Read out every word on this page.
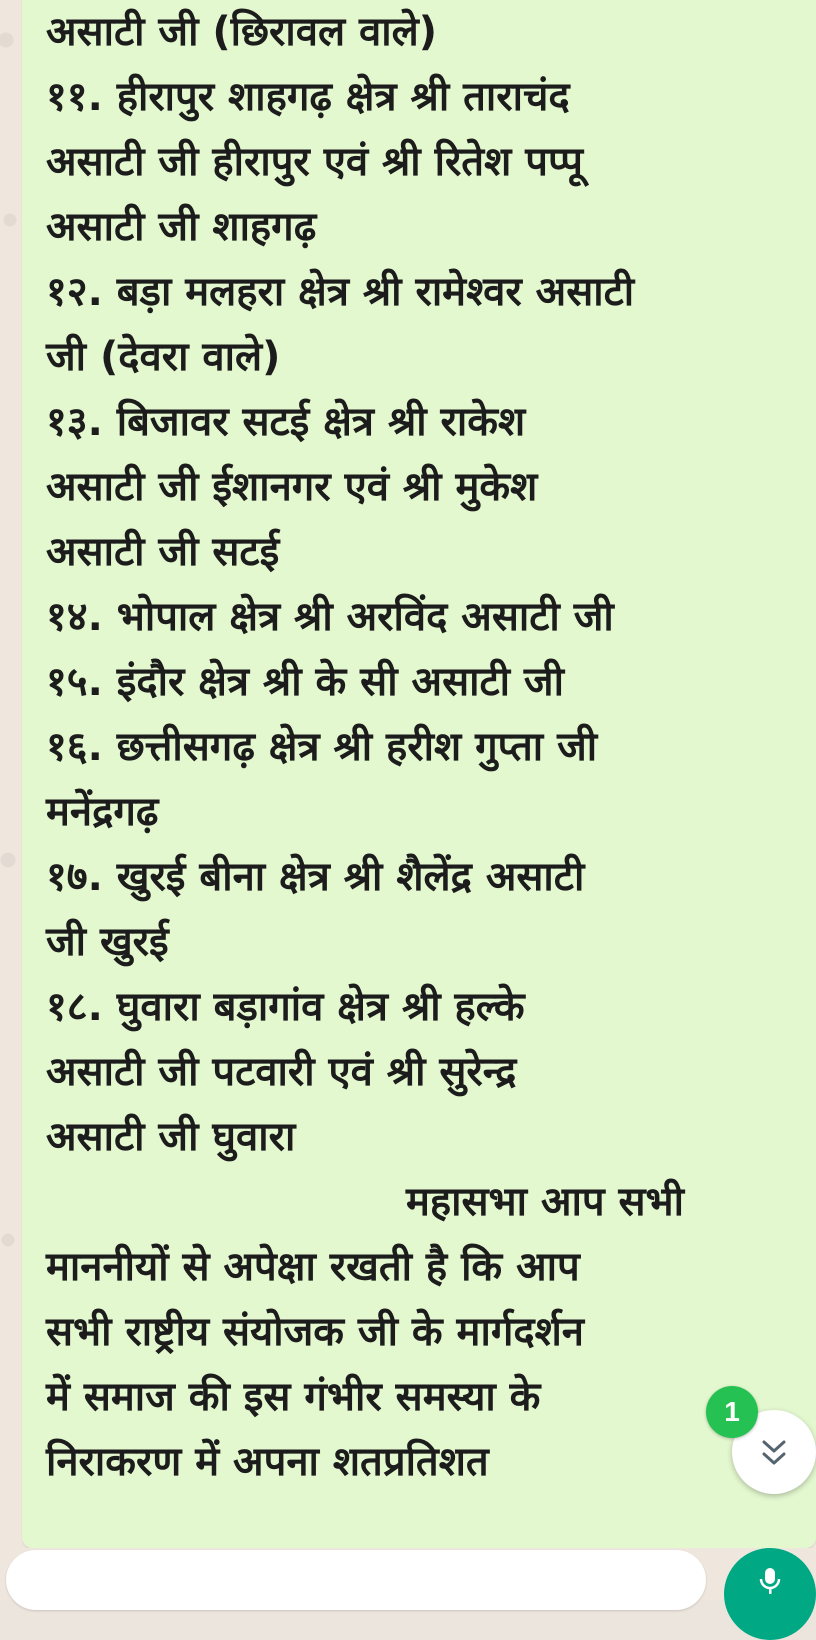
असाटी जी (छिरावल वाले)
११. हीरापुर शाहगढ़ क्षेत्र श्री ताराचंद
असाटी जी हीरापुर एवं श्री रितेश पप्पू
असाटी जी शाहगढ़
१२. बड़ा मलहरा क्षेत्र श्री रामेश्वर असाटी
जी (देवरा वाले)
१३. बिजावर सटई क्षेत्र श्री राकेश
असाटी जी ईशानगर एवं श्री मुकेश
असाटी जी सटई
१४. भोपाल क्षेत्र श्री अरविंद असाटी जी
१५. इंदौर क्षेत्र श्री के सी असाटी जी
१६. छत्तीसगढ़ क्षेत्र श्री हरीश गुप्ता जी
मनेंद्रगढ़
१७. खुरई बीना क्षेत्र श्री शैलेंद्र असाटी
जी खुरई
१८. घुवारा बड़ागांव क्षेत्र श्री हल्के
असाटी जी पटवारी एवं श्री सुरेन्द्र
असाटी जी घुवारा
महासभा आप सभी
माननीयों से अपेक्षा रखती है कि आप
सभी राष्ट्रीय संयोजक जी के मार्गदर्शन
में समाज की इस गंभीर समस्या के
निराकरण में अपना शतप्रतिशत
1
